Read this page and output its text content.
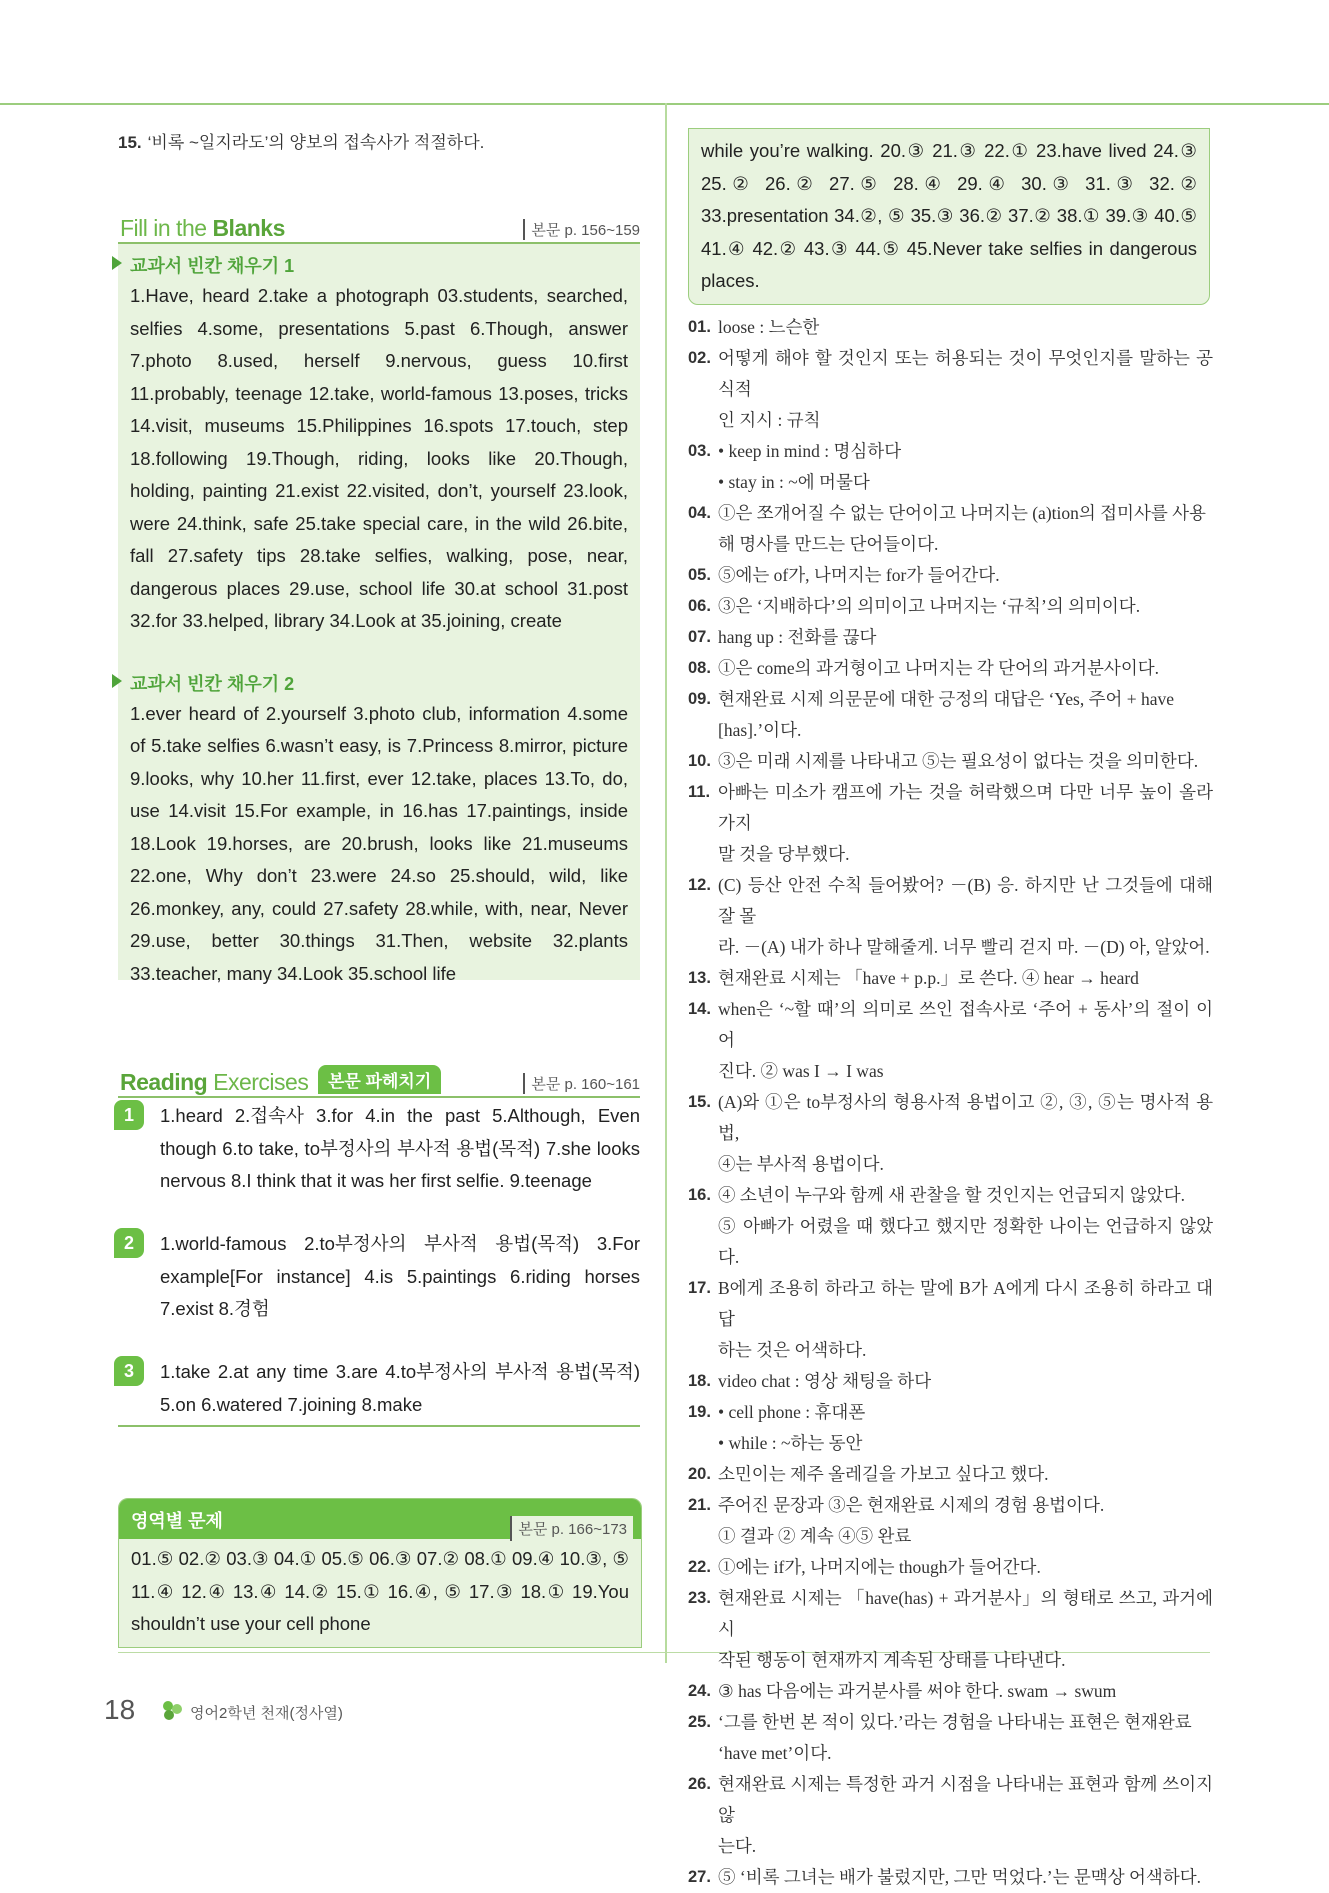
15. ‘비록 ~일지라도’의 양보의 접속사가 적절하다.
Fill in the Blanks	본문 p. 156~159
교과서 빈칸 채우기 1
1.Have, heard 2.take a photograph 03.students, searched, selfies 4.some, presentations 5.past 6.Though, answer 7.photo 8.used, herself 9.nervous, guess 10.first 11.probably, teenage 12.take, world-famous 13.poses, tricks 14.visit, museums 15.Philippines 16.spots 17.touch, step 18.following 19.Though, riding, looks like 20.Though, holding, painting 21.exist 22.visited, don’t, yourself 23.look, were 24.think, safe 25.take special care, in the wild 26.bite, fall 27.safety tips 28.take selfies, walking, pose, near, dangerous places 29.use, school life 30.at school 31.post 32.for 33.helped, library 34.Look at 35.joining, create
교과서 빈칸 채우기 2
1.ever heard of 2.yourself 3.photo club, information 4.some of 5.take selfies 6.wasn’t easy, is 7.Princess 8.mirror, picture 9.looks, why 10.her 11.first, ever 12.take, places 13.To, do, use 14.visit 15.For example, in 16.has 17.paintings, inside 18.Look 19.horses, are 20.brush, looks like 21.museums 22.one, Why don’t 23.were 24.so 25.should, wild, like 26.monkey, any, could 27.safety 28.while, with, near, Never 29.use, better 30.things 31.Then, website 32.plants 33.teacher, many 34.Look 35.school life
Reading Exercises	본문 파헤치기	본문 p. 160~161
1	1.heard 2.접속사 3.for 4.in the past 5.Although, Even though 6.to take, to부정사의 부사적 용법(목적) 7.she looks nervous 8.I think that it was her first selfie. 9.teenage
2	1.world-famous 2.to부정사의 부사적 용법(목적) 3.For example[For instance] 4.is 5.paintings 6.riding horses 7.exist 8.경험
3	1.take 2.at any time 3.are 4.to부정사의 부사적 용법(목적) 5.on 6.watered 7.joining 8.make
영역별 문제	본문 p. 166~173
01.⑤ 02.② 03.③ 04.① 05.⑤ 06.③ 07.② 08.① 09.④ 10.③, ⑤ 11.④ 12.④ 13.④ 14.② 15.① 16.④, ⑤ 17.③ 18.① 19.You shouldn’t use your cell phone
while you’re walking. 20.③ 21.③ 22.① 23.have lived 24.③ 25.② 26.② 27.⑤ 28.④ 29.④ 30.③ 31.③ 32.② 33.presentation 34.②, ⑤ 35.③ 36.② 37.② 38.① 39.③ 40.⑤ 41.④ 42.② 43.③ 44.⑤ 45.Never take selfies in dangerous places.
01. loose : 느슨한
02. 어떻게 해야 할 것인지 또는 허용되는 것이 무엇인지를 말하는 공식적
인 지시 : 규칙
03. • keep in mind : 명심하다
• stay in : ~에 머물다
04. ①은 쪼개어질 수 없는 단어이고 나머지는 (a)tion의 접미사를 사용
해 명사를 만드는 단어들이다.
05. ⑤에는 of가, 나머지는 for가 들어간다.
06. ③은 ‘지배하다’의 의미이고 나머지는 ‘규칙’의 의미이다.
07. hang up : 전화를 끊다
08. ①은 come의 과거형이고 나머지는 각 단어의 과거분사이다.
09. 현재완료 시제 의문문에 대한 긍정의 대답은 ‘Yes, 주어 + have
[has].’이다.
10. ③은 미래 시제를 나타내고 ⑤는 필요성이 없다는 것을 의미한다.
11. 아빠는 미소가 캠프에 가는 것을 허락했으며 다만 너무 높이 올라가지
말 것을 당부했다.
12. (C) 등산 안전 수칙 들어봤어? －(B) 응. 하지만 난 그것들에 대해 잘 몰
라. －(A) 내가 하나 말해줄게. 너무 빨리 걷지 마. －(D) 아, 알았어.
13. 현재완료 시제는 「have + p.p.」로 쓴다. ④ hear → heard
14. when은 ‘~할 때’의 의미로 쓰인 접속사로 ‘주어 + 동사’의 절이 이어
진다. ② was I → I was
15. (A)와 ①은 to부정사의 형용사적 용법이고 ②, ③, ⑤는 명사적 용법,
④는 부사적 용법이다.
16. ④ 소년이 누구와 함께 새 관찰을 할 것인지는 언급되지 않았다.
⑤ 아빠가 어렸을 때 했다고 했지만 정확한 나이는 언급하지 않았다.
17. B에게 조용히 하라고 하는 말에 B가 A에게 다시 조용히 하라고 대답
하는 것은 어색하다.
18. video chat : 영상 채팅을 하다
19. • cell phone : 휴대폰
• while : ~하는 동안
20. 소민이는 제주 올레길을 가보고 싶다고 했다.
21. 주어진 문장과 ③은 현재완료 시제의 경험 용법이다.
① 결과 ② 계속 ④⑤ 완료
22. ①에는 if가, 나머지에는 though가 들어간다.
23. 현재완료 시제는 「have(has) + 과거분사」의 형태로 쓰고, 과거에 시
작된 행동이 현재까지 계속된 상태를 나타낸다.
24. ③ has 다음에는 과거분사를 써야 한다. swam → swum
25. ‘그를 한번 본 적이 있다.’라는 경험을 나타내는 표현은 현재완료
‘have met’이다.
26. 현재완료 시제는 특정한 과거 시점을 나타내는 표현과 함께 쓰이지 않
는다.
27. ⑤ ‘비록 그녀는 배가 불렀지만, 그만 먹었다.’는 문맥상 어색하다.
18	영어2학년 천재(정사열)
